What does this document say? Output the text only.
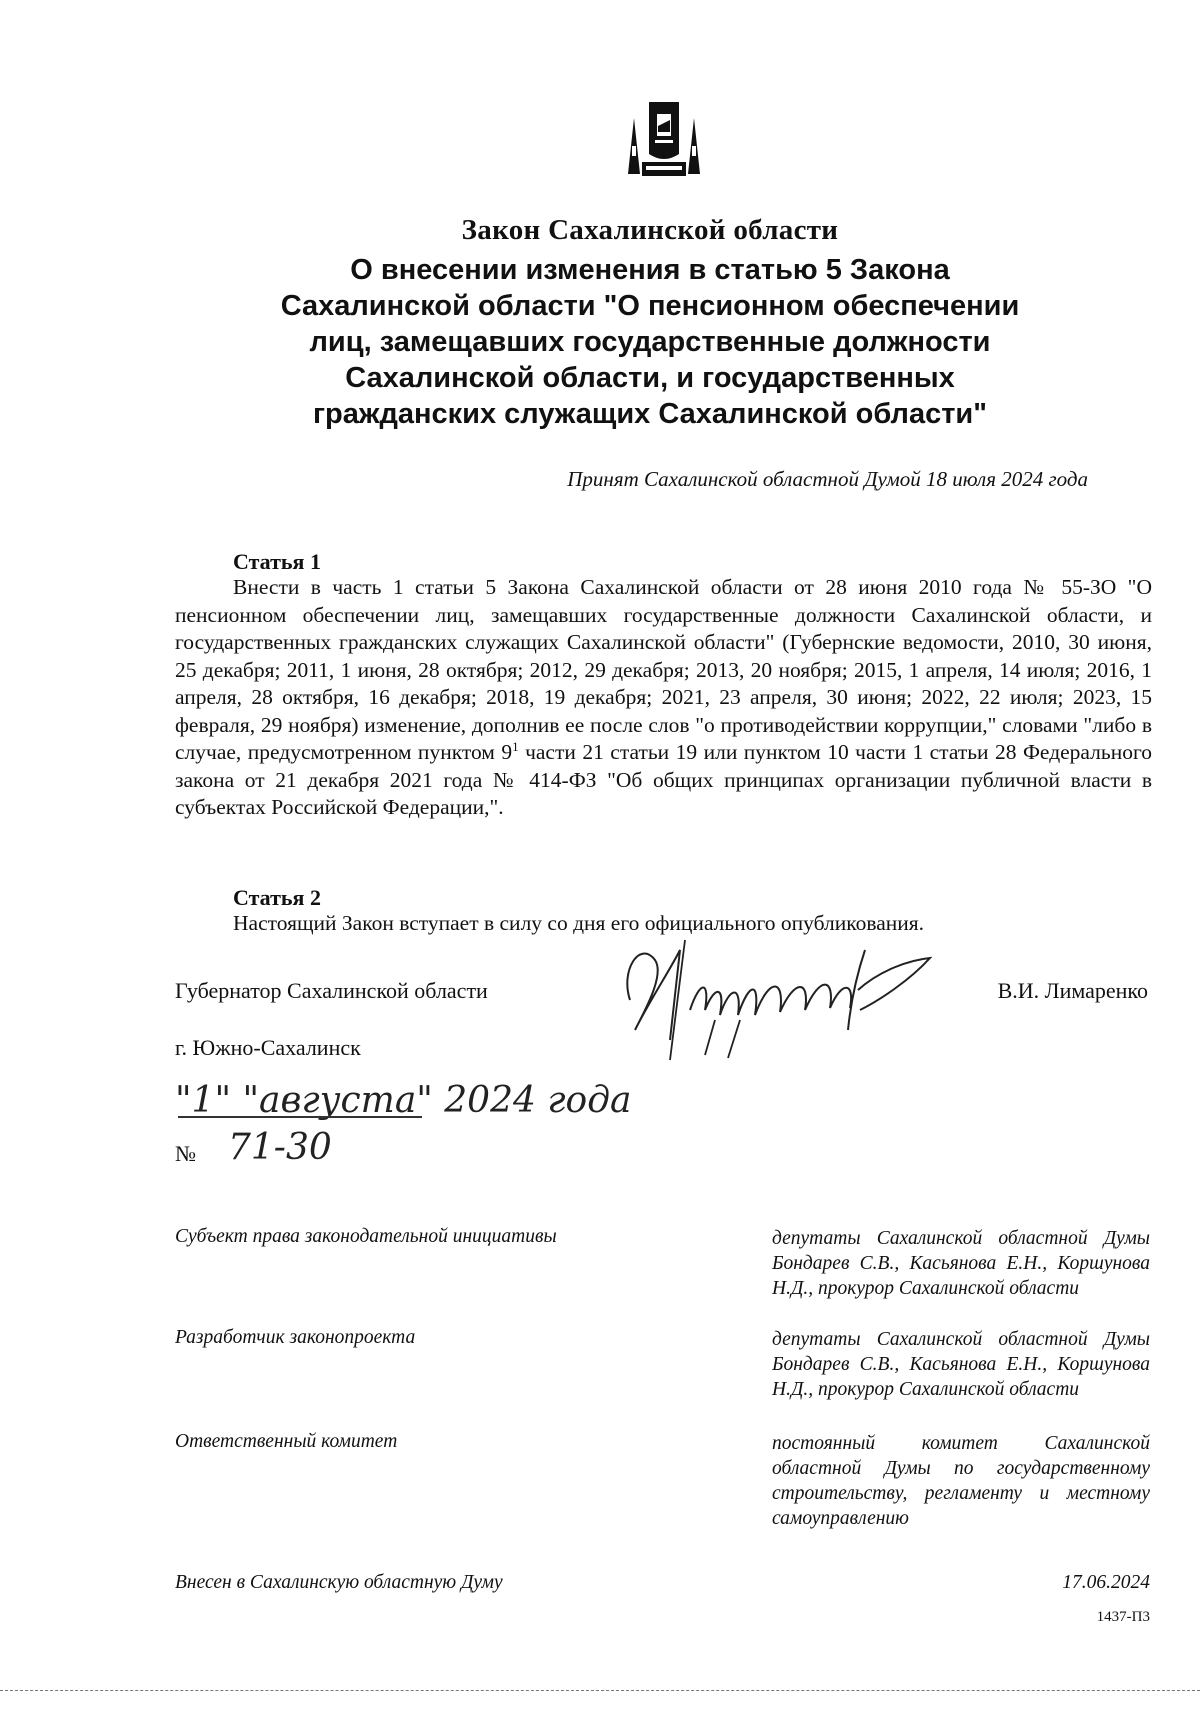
Закон Сахалинской области
О внесении изменения в статью 5 Закона
Сахалинской области "О пенсионном обеспечении
лиц, замещавших государственные должности
Сахалинской области, и государственных
гражданских служащих Сахалинской области"
Принят Сахалинской областной Думой 18 июля 2024 года
Статья 1
Внести в часть 1 статьи 5 Закона Сахалинской области от 28 июня 2010 года № 55-ЗО "О пенсионном обеспечении лиц, замещавших государственные должности Сахалинской области, и государственных гражданских служащих Сахалинской области" (Губернские ведомости, 2010, 30 июня, 25 декабря; 2011, 1 июня, 28 октября; 2012, 29 декабря; 2013, 20 ноября; 2015, 1 апреля, 14 июля; 2016, 1 апреля, 28 октября, 16 декабря; 2018, 19 декабря; 2021, 23 апреля, 30 июня; 2022, 22 июля; 2023, 15 февраля, 29 ноября) изменение, дополнив ее после слов "о противодействии коррупции," словами "либо в случае, предусмотренном пунктом $9^1$ части 21 статьи 19 или пунктом 10 части 1 статьи 28 Федерального закона от 21 декабря 2021 года № 414-ФЗ "Об общих принципах организации публичной власти в субъектах Российской Федерации,".
Статья 2
Настоящий Закон вступает в силу со дня его официального опубликования.
Губернатор Сахалинской области	В.И. Лимаренко
г. Южно-Сахалинск
"1" "августа" 2024 года
№ 71-30
Субъект права законодательной инициативы	депутаты Сахалинской областной Думы Бондарев С.В., Касьянова Е.Н., Коршунова Н.Д., прокурор Сахалинской области
Разработчик законопроекта	депутаты Сахалинской областной Думы Бондарев С.В., Касьянова Е.Н., Коршунова Н.Д., прокурор Сахалинской области
Ответственный комитет	постоянный комитет Сахалинской областной Думы по государственному строительству, регламенту и местному самоуправлению
Внесен в Сахалинскую областную Думу	17.06.2024
1437-П3
